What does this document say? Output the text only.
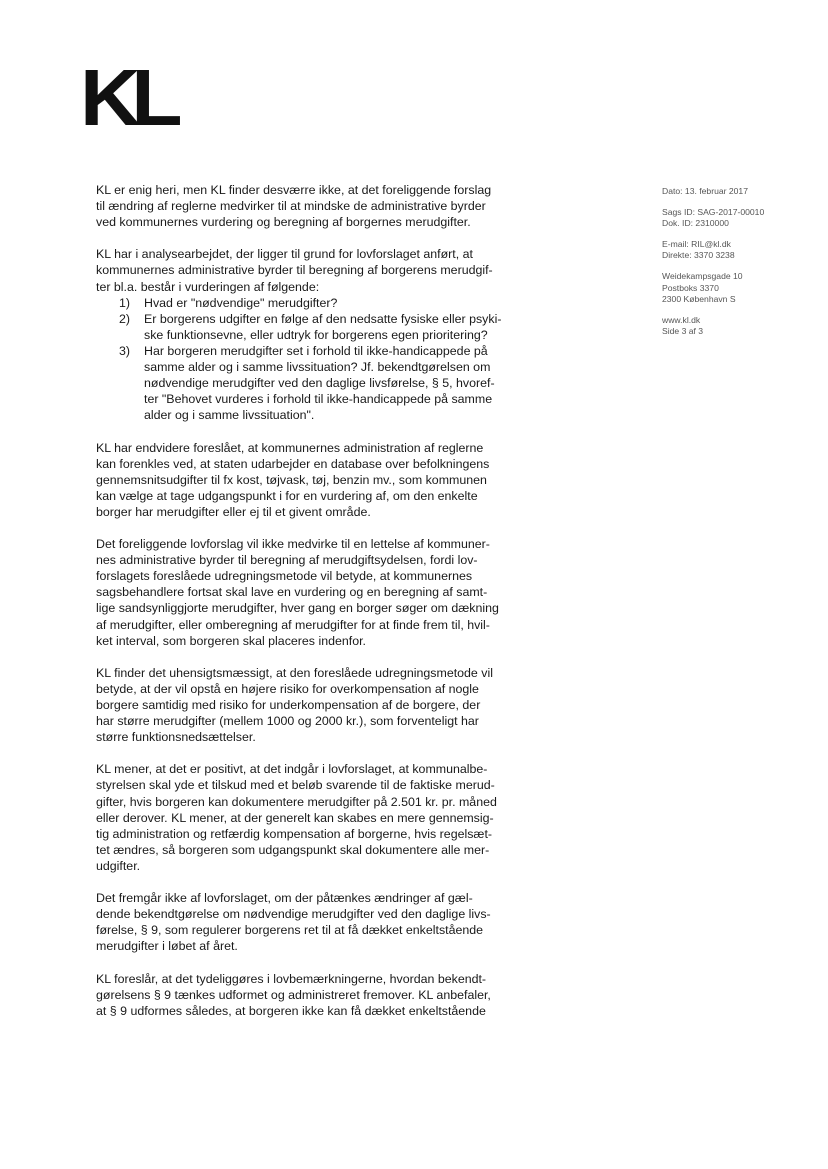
KL
Dato: 13. februar 2017
Sags ID: SAG-2017-00010
Dok. ID: 2310000
E-mail: RIL@kl.dk
Direkte: 3370 3238
Weidekampsgade 10
Postboks 3370
2300 København S
www.kl.dk
Side 3 af 3
KL er enig heri, men KL finder desværre ikke, at det foreliggende forslag
til ændring af reglerne medvirker til at mindske de administrative byrder
ved kommunernes vurdering og beregning af borgernes merudgifter.
KL har i analysearbejdet, der ligger til grund for lovforslaget anført, at
kommunernes administrative byrder til beregning af borgerens merudgif-
ter bl.a. består i vurderingen af følgende:
1) Hvad er "nødvendige" merudgifter?
2) Er borgerens udgifter en følge af den nedsatte fysiske eller psyki-
ske funktionsevne, eller udtryk for borgerens egen prioritering?
3) Har borgeren merudgifter set i forhold til ikke-handicappede på
samme alder og i samme livssituation? Jf. bekendtgørelsen om
nødvendige merudgifter ved den daglige livsførelse, § 5, hvoref-
ter "Behovet vurderes i forhold til ikke-handicappede på samme
alder og i samme livssituation".
KL har endvidere foreslået, at kommunernes administration af reglerne
kan forenkles ved, at staten udarbejder en database over befolkningens
gennemsnitsudgifter til fx kost, tøjvask, tøj, benzin mv., som kommunen
kan vælge at tage udgangspunkt i for en vurdering af, om den enkelte
borger har merudgifter eller ej til et givent område.
Det foreliggende lovforslag vil ikke medvirke til en lettelse af kommuner-
nes administrative byrder til beregning af merudgiftsydelsen, fordi lov-
forslagets foreslåede udregningsmetode vil betyde, at kommunernes
sagsbehandlere fortsat skal lave en vurdering og en beregning af samt-
lige sandsynliggjorte merudgifter, hver gang en borger søger om dækning
af merudgifter, eller omberegning af merudgifter for at finde frem til, hvil-
ket interval, som borgeren skal placeres indenfor.
KL finder det uhensigtsmæssigt, at den foreslåede udregningsmetode vil
betyde, at der vil opstå en højere risiko for overkompensation af nogle
borgere samtidig med risiko for underkompensation af de borgere, der
har større merudgifter (mellem 1000 og 2000 kr.), som forventeligt har
større funktionsnedsættelser.
KL mener, at det er positivt, at det indgår i lovforslaget, at kommunalbe-
styrelsen skal yde et tilskud med et beløb svarende til de faktiske merud-
gifter, hvis borgeren kan dokumentere merudgifter på 2.501 kr. pr. måned
eller derover. KL mener, at der generelt kan skabes en mere gennemsig-
tig administration og retfærdig kompensation af borgerne, hvis regelsæt-
tet ændres, så borgeren som udgangspunkt skal dokumentere alle mer-
udgifter.
Det fremgår ikke af lovforslaget, om der påtænkes ændringer af gæl-
dende bekendtgørelse om nødvendige merudgifter ved den daglige livs-
førelse, § 9, som regulerer borgerens ret til at få dækket enkeltstående
merudgifter i løbet af året.
KL foreslår, at det tydeliggøres i lovbemærkningerne, hvordan bekendt-
gørelsens § 9 tænkes udformet og administreret fremover. KL anbefaler,
at § 9 udformes således, at borgeren ikke kan få dækket enkeltstående
